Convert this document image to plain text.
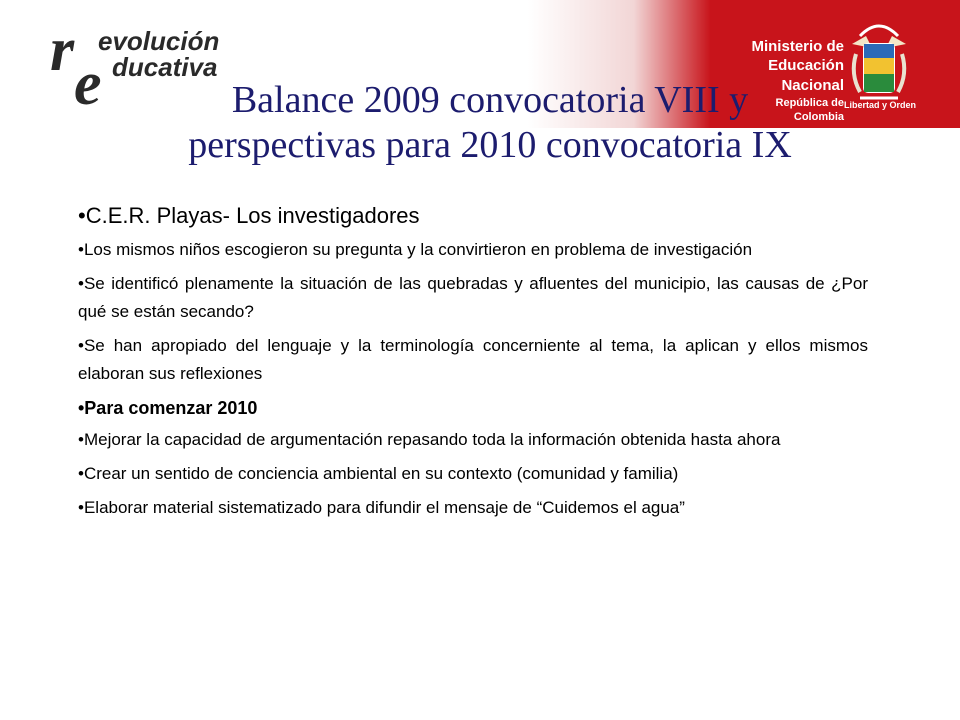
r e
evolución
ducativa
Ministerio de
Educación Nacional
República de Colombia
Libertad y Orden
Balance 2009 convocatoria VIII y
perspectivas para 2010 convocatoria IX

•C.E.R. Playas- Los investigadores

•Los mismos niños escogieron su pregunta y la convirtieron en problema de investigación

•Se identificó plenamente la situación de las quebradas y afluentes del municipio, las causas de ¿Por qué se están secando?

•Se han apropiado del lenguaje y la terminología concerniente al tema, la aplican y ellos mismos elaboran sus reflexiones

•Para comenzar 2010

•Mejorar la capacidad de argumentación repasando toda la información obtenida hasta ahora

•Crear un sentido de conciencia ambiental en su contexto (comunidad y familia)

•Elaborar material sistematizado para difundir el mensaje de “Cuidemos el agua”
